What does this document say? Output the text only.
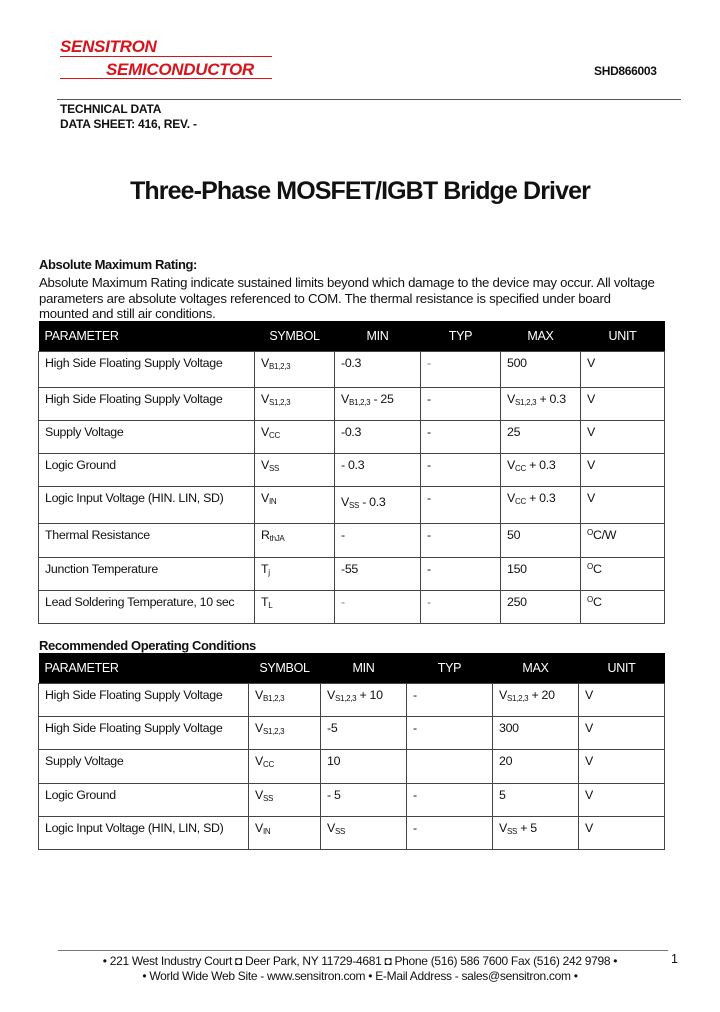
SENSITRON
SEMICONDUCTOR	SHD866003
TECHNICAL DATA
DATA SHEET: 416, REV. -
Three-Phase MOSFET/IGBT Bridge Driver
Absolute Maximum Rating:
Absolute Maximum Rating indicate sustained limits beyond which damage to the device may occur. All voltage parameters are absolute voltages referenced to COM. The thermal resistance is specified under board mounted and still air conditions.
PARAMETER	SYMBOL	MIN	TYP	MAX	UNIT
High Side Floating Supply Voltage	$V_{B1,2,3}$	-0.3	-	500	V
High Side Floating Supply Voltage	$V_{S1,2,3}$	$V_{B1,2,3} - 25$	-	$V_{S1,2,3} + 0.3$	V
Supply Voltage	$V_{CC}$	-0.3	-	25	V
Logic Ground	$V_{SS}$	- 0.3	-	$V_{CC} + 0.3$	V
Logic Input Voltage (HIN. LIN, SD)	$V_{IN}$	$V_{SS} - 0.3$	-	$V_{CC} + 0.3$	V
Thermal Resistance	$R_{thJA}$	-	-	50	$^O$C/W
Junction Temperature	$T_j$	-55	-	150	$^O$C
Lead Soldering Temperature, 10 sec	$T_L$	-	-	250	$^O$C
Recommended Operating Conditions
PARAMETER	SYMBOL	MIN	TYP	MAX	UNIT
High Side Floating Supply Voltage	$V_{B1,2,3}$	$V_{S1,2,3} + 10$	-	$V_{S1,2,3} + 20$	V
High Side Floating Supply Voltage	$V_{S1,2,3}$	-5	-	300	V
Supply Voltage	$V_{CC}$	10		20	V
Logic Ground	$V_{SS}$	- 5	-	5	V
Logic Input Voltage (HIN, LIN, SD)	$V_{IN}$	$V_{SS}$	-	$V_{SS} + 5$	V
• 221 West Industry Court ◘ Deer Park, NY 11729-4681 ◘ Phone (516) 586 7600 Fax (516) 242 9798 •
• World Wide Web Site - www.sensitron.com • E-Mail Address - sales@sensitron.com •
1
